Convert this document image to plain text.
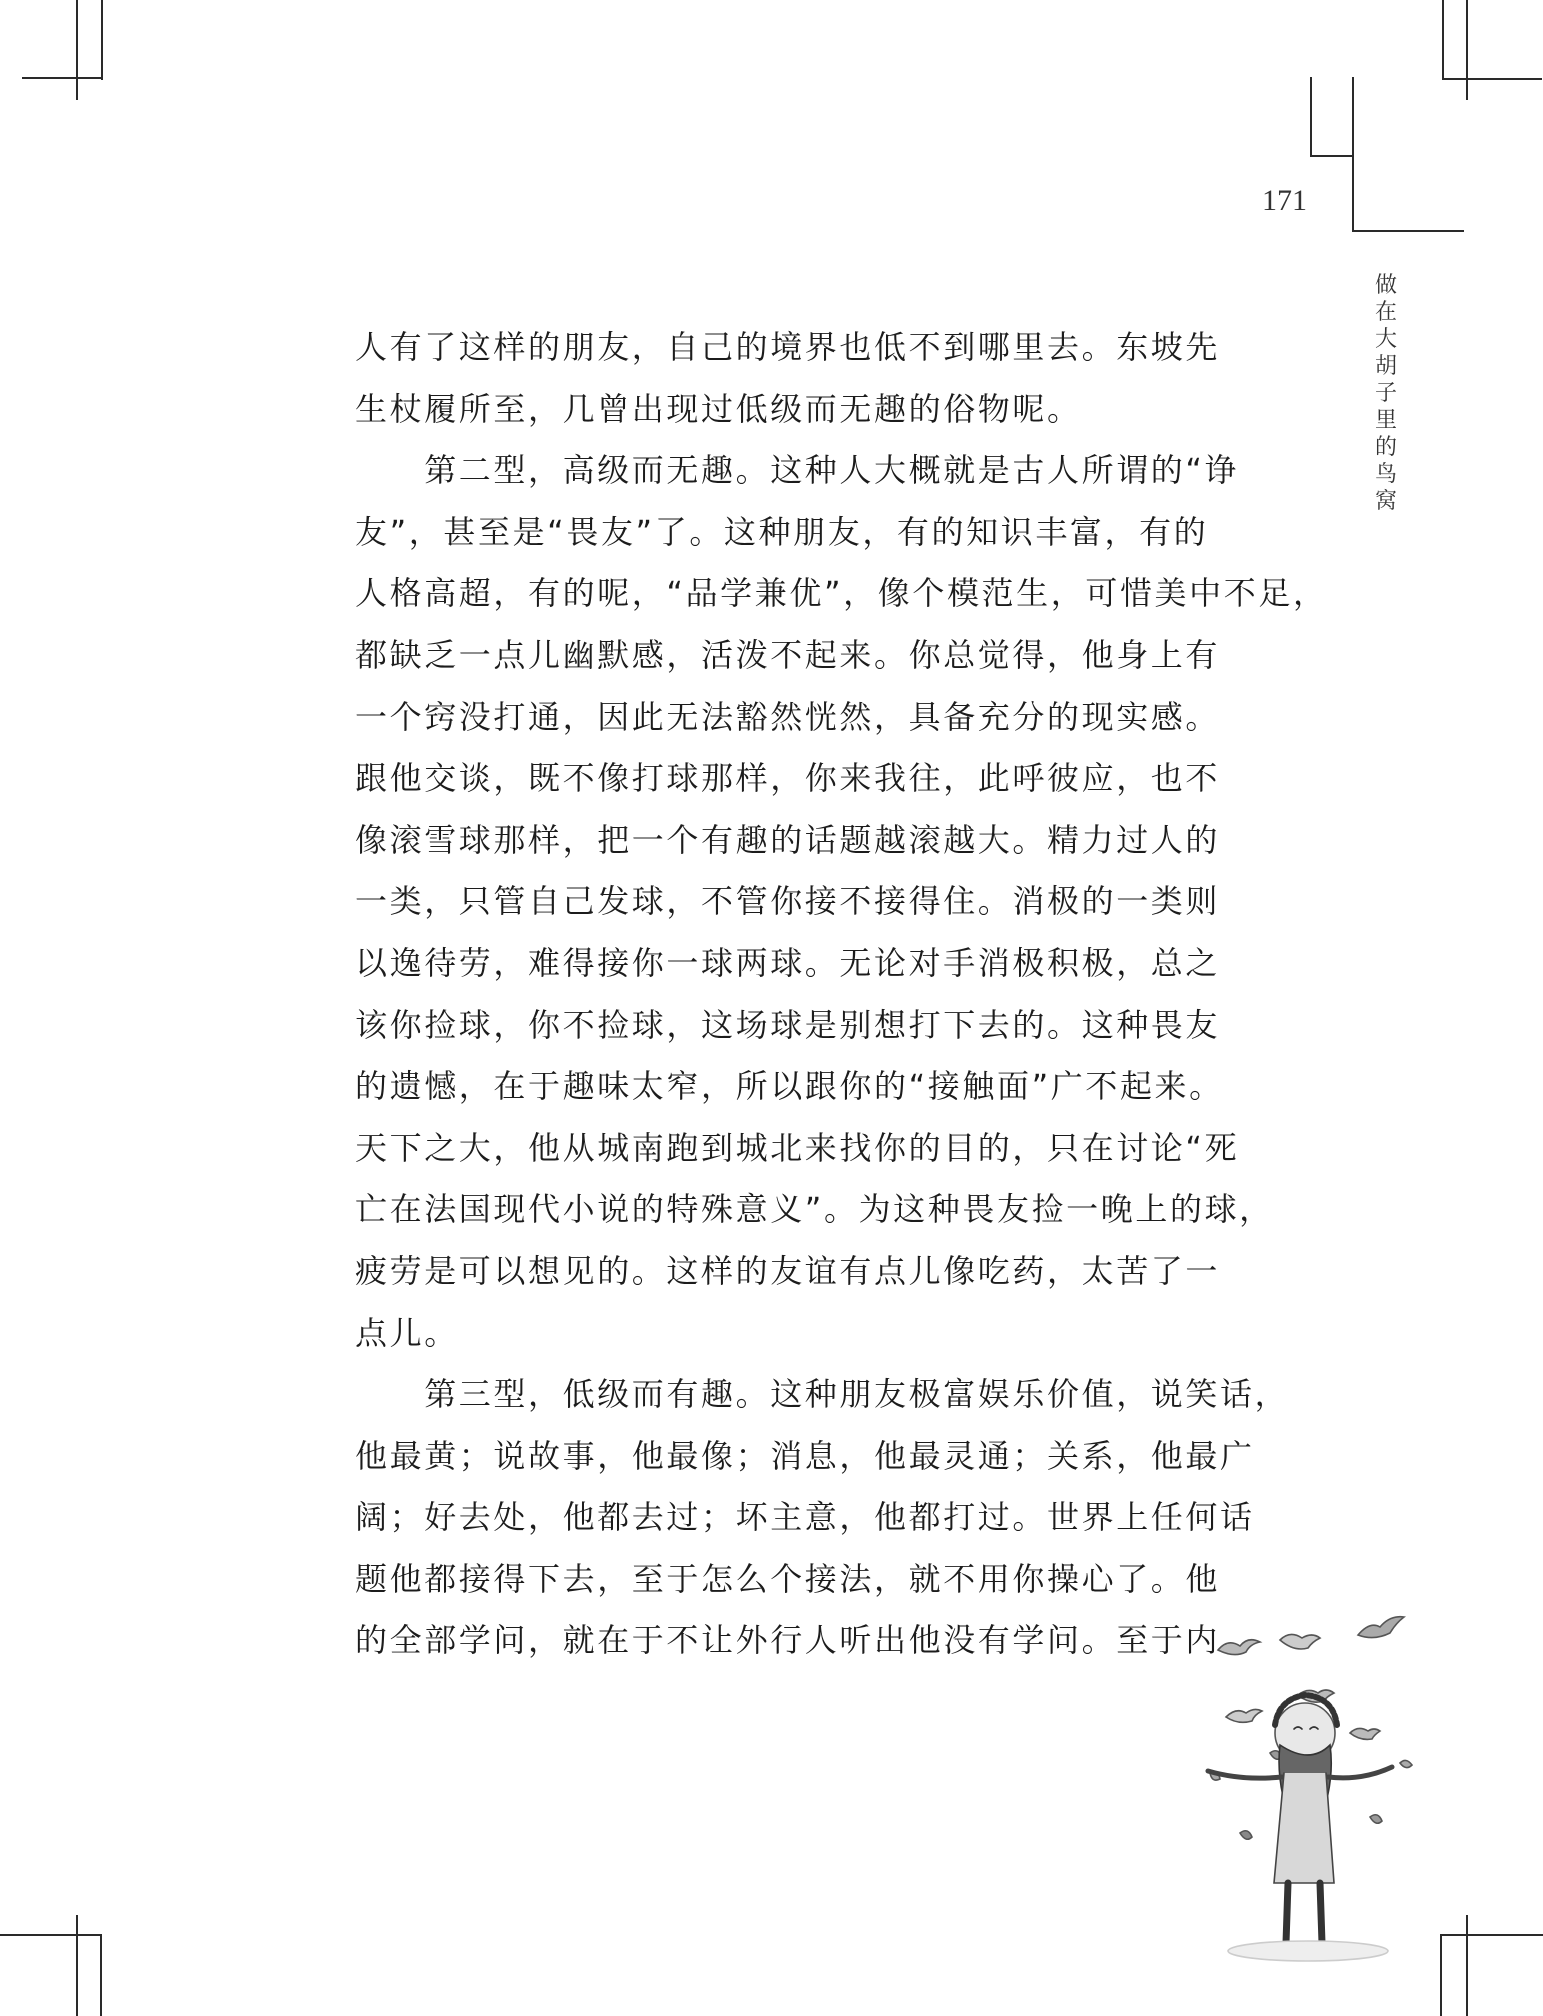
171
做
在
大
胡
子
里
的
鸟
窝

人有了这样的朋友，自己的境界也低不到哪里去。东坡先
生杖履所至，几曾出现过低级而无趣的俗物呢。

　　第二型，高级而无趣。这种人大概就是古人所谓的“诤
友”，甚至是“畏友”了。这种朋友，有的知识丰富，有的
人格高超，有的呢，“品学兼优”，像个模范生，可惜美中不足，
都缺乏一点儿幽默感，活泼不起来。你总觉得，他身上有
一个窍没打通，因此无法豁然恍然，具备充分的现实感。
跟他交谈，既不像打球那样，你来我往，此呼彼应，也不
像滚雪球那样，把一个有趣的话题越滚越大。精力过人的
一类，只管自己发球，不管你接不接得住。消极的一类则
以逸待劳，难得接你一球两球。无论对手消极积极，总之
该你捡球，你不捡球，这场球是别想打下去的。这种畏友
的遗憾，在于趣味太窄，所以跟你的“接触面”广不起来。
天下之大，他从城南跑到城北来找你的目的，只在讨论“死
亡在法国现代小说的特殊意义”。为这种畏友捡一晚上的球，
疲劳是可以想见的。这样的友谊有点儿像吃药，太苦了一
点儿。

　　第三型，低级而有趣。这种朋友极富娱乐价值，说笑话，
他最黄；说故事，他最像；消息，他最灵通；关系，他最广
阔；好去处，他都去过；坏主意，他都打过。世界上任何话
题他都接得下去，至于怎么个接法，就不用你操心了。他
的全部学问，就在于不让外行人听出他没有学问。至于内
